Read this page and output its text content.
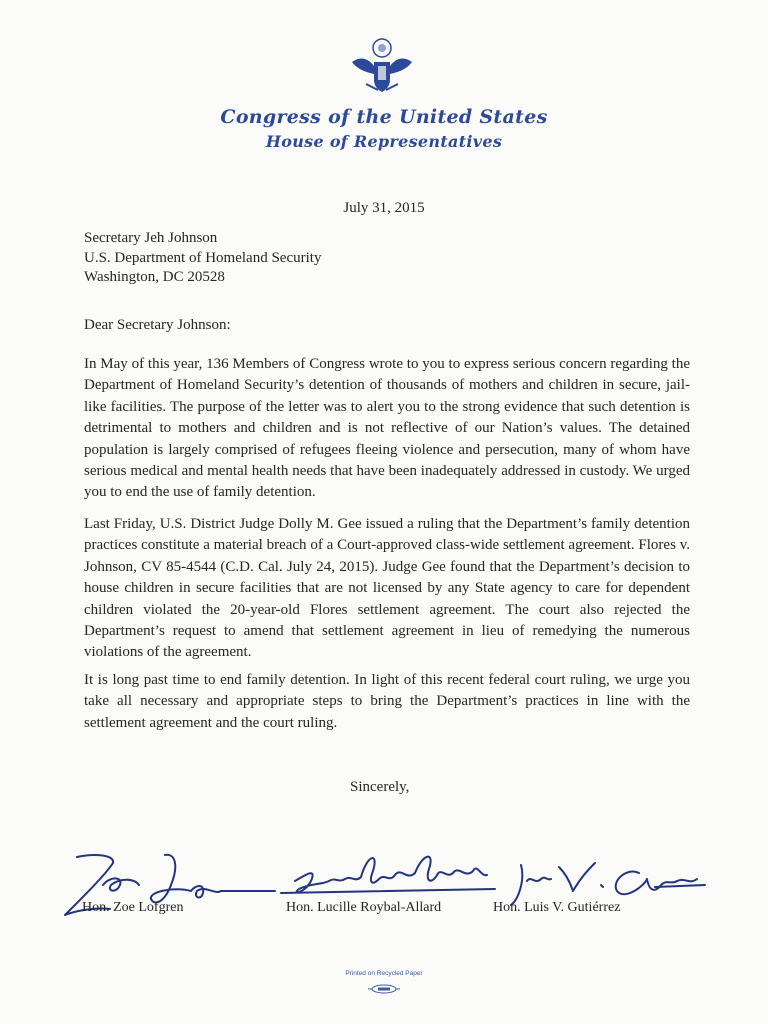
Congress of the United States
House of Representatives
July 31, 2015
Secretary Jeh Johnson
U.S. Department of Homeland Security
Washington, DC 20528
Dear Secretary Johnson:

In May of this year, 136 Members of Congress wrote to you to express serious concern regarding the Department of Homeland Security’s detention of thousands of mothers and children in secure, jail-like facilities. The purpose of the letter was to alert you to the strong evidence that such detention is detrimental to mothers and children and is not reflective of our Nation’s values. The detained population is largely comprised of refugees fleeing violence and persecution, many of whom have serious medical and mental health needs that have been inadequately addressed in custody. We urged you to end the use of family detention.

Last Friday, U.S. District Judge Dolly M. Gee issued a ruling that the Department’s family detention practices constitute a material breach of a Court-approved class-wide settlement agreement. Flores v. Johnson, CV 85-4544 (C.D. Cal. July 24, 2015). Judge Gee found that the Department’s decision to house children in secure facilities that are not licensed by any State agency to care for dependent children violated the 20-year-old Flores settlement agreement. The court also rejected the Department’s request to amend that settlement agreement in lieu of remedying the numerous violations of the agreement.

It is long past time to end family detention. In light of this recent federal court ruling, we urge you take all necessary and appropriate steps to bring the Department’s practices in line with the settlement agreement and the court ruling.

Sincerely,
Hon. Zoe Lofgren	Hon. Lucille Roybal-Allard	Hon. Luis V. Gutiérrez
Printed on Recycled Paper
